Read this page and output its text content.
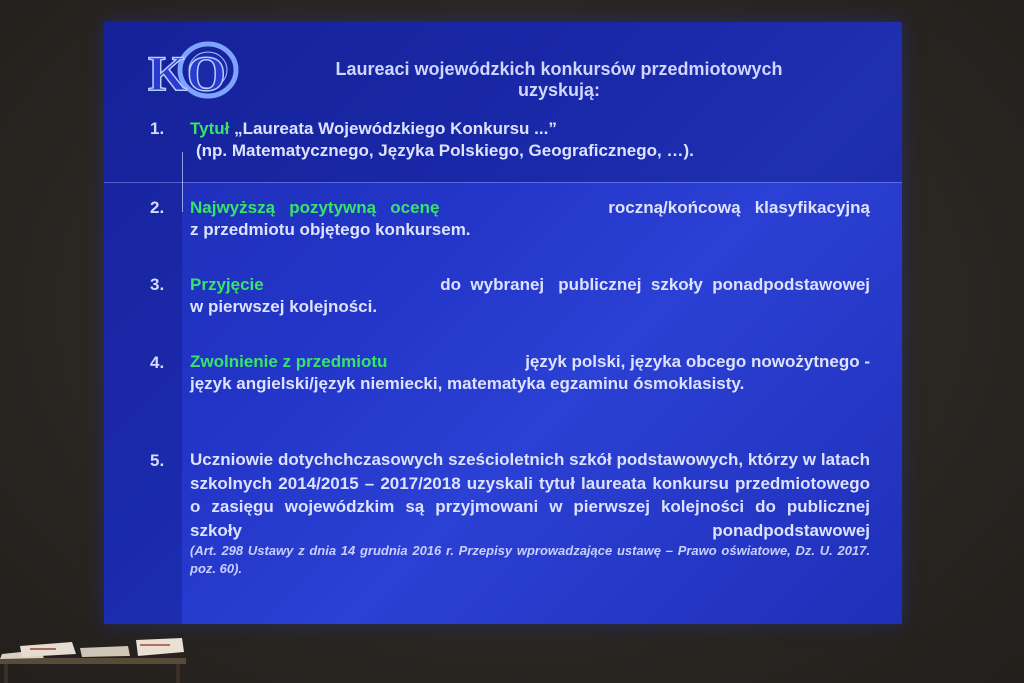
KO	Laureaci wojewódzkich konkursów przedmiotowych
uzyskują:
1. Tytuł „Laureata Wojewódzkiego Konkursu ...”
(np. Matematycznego, Języka Polskiego, Geograficznego, …).
2. Najwyższą   pozytywną   ocenę	roczną/końcową   klasyfikacyjną
z przedmiotu objętego konkursem.
3. Przyjęcie	do  wybranej   publicznej  szkoły  ponadpodstawowej
w pierwszej kolejności.
4. Zwolnienie z przedmiotu	język polski, języka obcego nowożytnego -
język angielski/język niemiecki, matematyka egzaminu ósmoklasisty.
5. Uczniowie dotychchczasowych sześcioletnich szkół podstawowych, którzy w latach szkolnych 2014/2015 – 2017/2018 uzyskali tytuł laureata konkursu przedmiotowego o zasięgu wojewódzkim są przyjmowani w pierwszej kolejności do publicznej szkoły ponadpodstawowej
(Art. 298 Ustawy z dnia 14 grudnia 2016 r. Przepisy wprowadzające ustawę – Prawo oświatowe, Dz. U. 2017. poz. 60).
